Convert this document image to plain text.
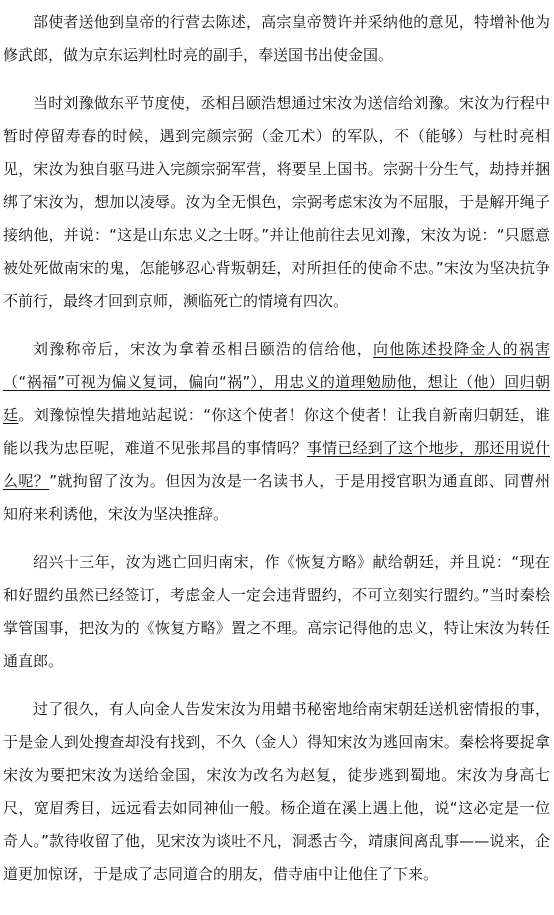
部使者送他到皇帝的行营去陈述，高宗皇帝赞许并采纳他的意见，特增补他为修武郎，做为京东运判杜时亮的副手，奉送国书出使金国。

当时刘豫做东平节度使，丞相吕颐浩想通过宋汝为送信给刘豫。宋汝为行程中暂时停留寿春的时候，遇到完颜宗弼（金兀术）的军队，不（能够）与杜时亮相见，宋汝为独自驱马进入完颜宗弼军营，将要呈上国书。宗弼十分生气，劫持并捆绑了宋汝为，想加以凌辱。汝为全无惧色，宗弼考虑宋汝为不屈服，于是解开绳子接纳他，并说：“这是山东忠义之士呀。”并让他前往去见刘豫，宋汝为说：“只愿意被处死做南宋的鬼，怎能够忍心背叛朝廷，对所担任的使命不忠。”宋汝为坚决抗争不前行，最终才回到京师，濒临死亡的情境有四次。

刘豫称帝后，宋汝为拿着丞相吕颐浩的信给他，向他陈述投降金人的祸害（“祸福”可视为偏义复词，偏向“祸”），用忠义的道理勉励他，想让（他）回归朝廷。刘豫惊惶失措地站起说：“你这个使者！你这个使者！让我自新南归朝廷，谁能以我为忠臣呢，难道不见张邦昌的事情吗？事情已经到了这个地步，那还用说什么呢？”就拘留了汝为。但因为汝是一名读书人，于是用授官职为通直郎、同曹州知府来利诱他，宋汝为坚决推辞。

绍兴十三年，汝为逃亡回归南宋，作《恢复方略》献给朝廷，并且说：“现在和好盟约虽然已经签订，考虑金人一定会违背盟约，不可立刻实行盟约。”当时秦桧掌管国事，把汝为的《恢复方略》置之不理。高宗记得他的忠义，特让宋汝为转任通直郎。

过了很久，有人向金人告发宋汝为用蜡书秘密地给南宋朝廷送机密情报的事，于是金人到处搜查却没有找到，不久（金人）得知宋汝为逃回南宋。秦桧将要捉拿宋汝为要把宋汝为送给金国，宋汝为改名为赵复，徒步逃到蜀地。宋汝为身高七尺，宽眉秀目，远远看去如同神仙一般。杨企道在溪上遇上他，说“这必定是一位奇人。”款待收留了他，见宋汝为谈吐不凡，洞悉古今，靖康间离乱事——说来，企道更加惊讶，于是成了志同道合的朋友，借寺庙中让他住了下来。
